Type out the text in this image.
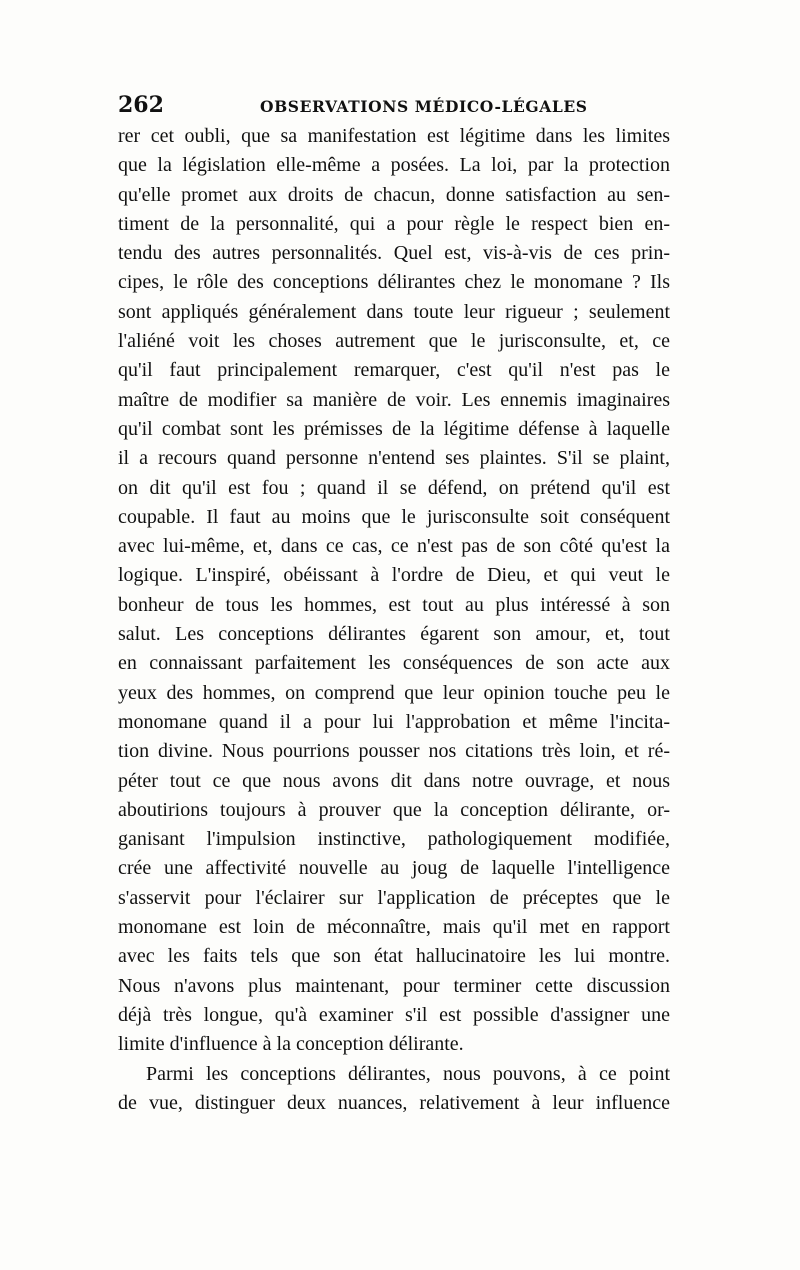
262	OBSERVATIONS MÉDICO-LÉGALES
rer cet oubli, que sa manifestation est légitime dans les limites
que la législation elle-même a posées. La loi, par la protection
qu'elle promet aux droits de chacun, donne satisfaction au sen-
timent de la personnalité, qui a pour règle le respect bien en-
tendu des autres personnalités. Quel est, vis-à-vis de ces prin-
cipes, le rôle des conceptions délirantes chez le monomane ? Ils
sont appliqués généralement dans toute leur rigueur ; seulement
l'aliéné voit les choses autrement que le jurisconsulte, et, ce
qu'il faut principalement remarquer, c'est qu'il n'est pas le
maître de modifier sa manière de voir. Les ennemis imaginaires
qu'il combat sont les prémisses de la légitime défense à laquelle
il a recours quand personne n'entend ses plaintes. S'il se plaint,
on dit qu'il est fou ; quand il se défend, on prétend qu'il est
coupable. Il faut au moins que le jurisconsulte soit conséquent
avec lui-même, et, dans ce cas, ce n'est pas de son côté qu'est la
logique. L'inspiré, obéissant à l'ordre de Dieu, et qui veut le
bonheur de tous les hommes, est tout au plus intéressé à son
salut. Les conceptions délirantes égarent son amour, et, tout
en connaissant parfaitement les conséquences de son acte aux
yeux des hommes, on comprend que leur opinion touche peu le
monomane quand il a pour lui l'approbation et même l'incita-
tion divine. Nous pourrions pousser nos citations très loin, et ré-
péter tout ce que nous avons dit dans notre ouvrage, et nous
aboutirions toujours à prouver que la conception délirante, or-
ganisant l'impulsion instinctive, pathologiquement modifiée,
crée une affectivité nouvelle au joug de laquelle l'intelligence
s'asservit pour l'éclairer sur l'application de préceptes que le
monomane est loin de méconnaître, mais qu'il met en rapport
avec les faits tels que son état hallucinatoire les lui montre.
Nous n'avons plus maintenant, pour terminer cette discussion
déjà très longue, qu'à examiner s'il est possible d'assigner une
limite d'influence à la conception délirante.
Parmi les conceptions délirantes, nous pouvons, à ce point
de vue, distinguer deux nuances, relativement à leur influence
